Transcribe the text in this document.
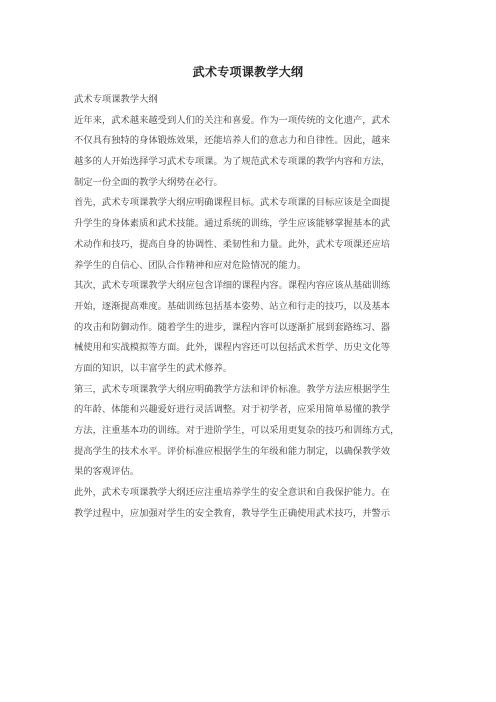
武术专项课教学大纲
武术专项课教学大纲
近年来，武术越来越受到人们的关注和喜爱。作为一项传统的文化遗产，武术
不仅具有独特的身体锻炼效果，还能培养人们的意志力和自律性。因此，越来
越多的人开始选择学习武术专项课。为了规范武术专项课的教学内容和方法，
制定一份全面的教学大纲势在必行。
首先，武术专项课教学大纲应明确课程目标。武术专项课的目标应该是全面提
升学生的身体素质和武术技能。通过系统的训练，学生应该能够掌握基本的武
术动作和技巧，提高自身的协调性、柔韧性和力量。此外，武术专项课还应培
养学生的自信心、团队合作精神和应对危险情况的能力。
其次，武术专项课教学大纲应包含详细的课程内容。课程内容应该从基础训练
开始，逐渐提高难度。基础训练包括基本姿势、站立和行走的技巧，以及基本
的攻击和防御动作。随着学生的进步，课程内容可以逐渐扩展到套路练习、器
械使用和实战模拟等方面。此外，课程内容还可以包括武术哲学、历史文化等
方面的知识，以丰富学生的武术修养。
第三，武术专项课教学大纲应明确教学方法和评价标准。教学方法应根据学生
的年龄、体能和兴趣爱好进行灵活调整。对于初学者，应采用简单易懂的教学
方法，注重基本功的训练。对于进阶学生，可以采用更复杂的技巧和训练方式，
提高学生的技术水平。评价标准应根据学生的年级和能力制定，以确保教学效
果的客观评估。
此外，武术专项课教学大纲还应注重培养学生的安全意识和自我保护能力。在
教学过程中，应加强对学生的安全教育，教导学生正确使用武术技巧，并警示
